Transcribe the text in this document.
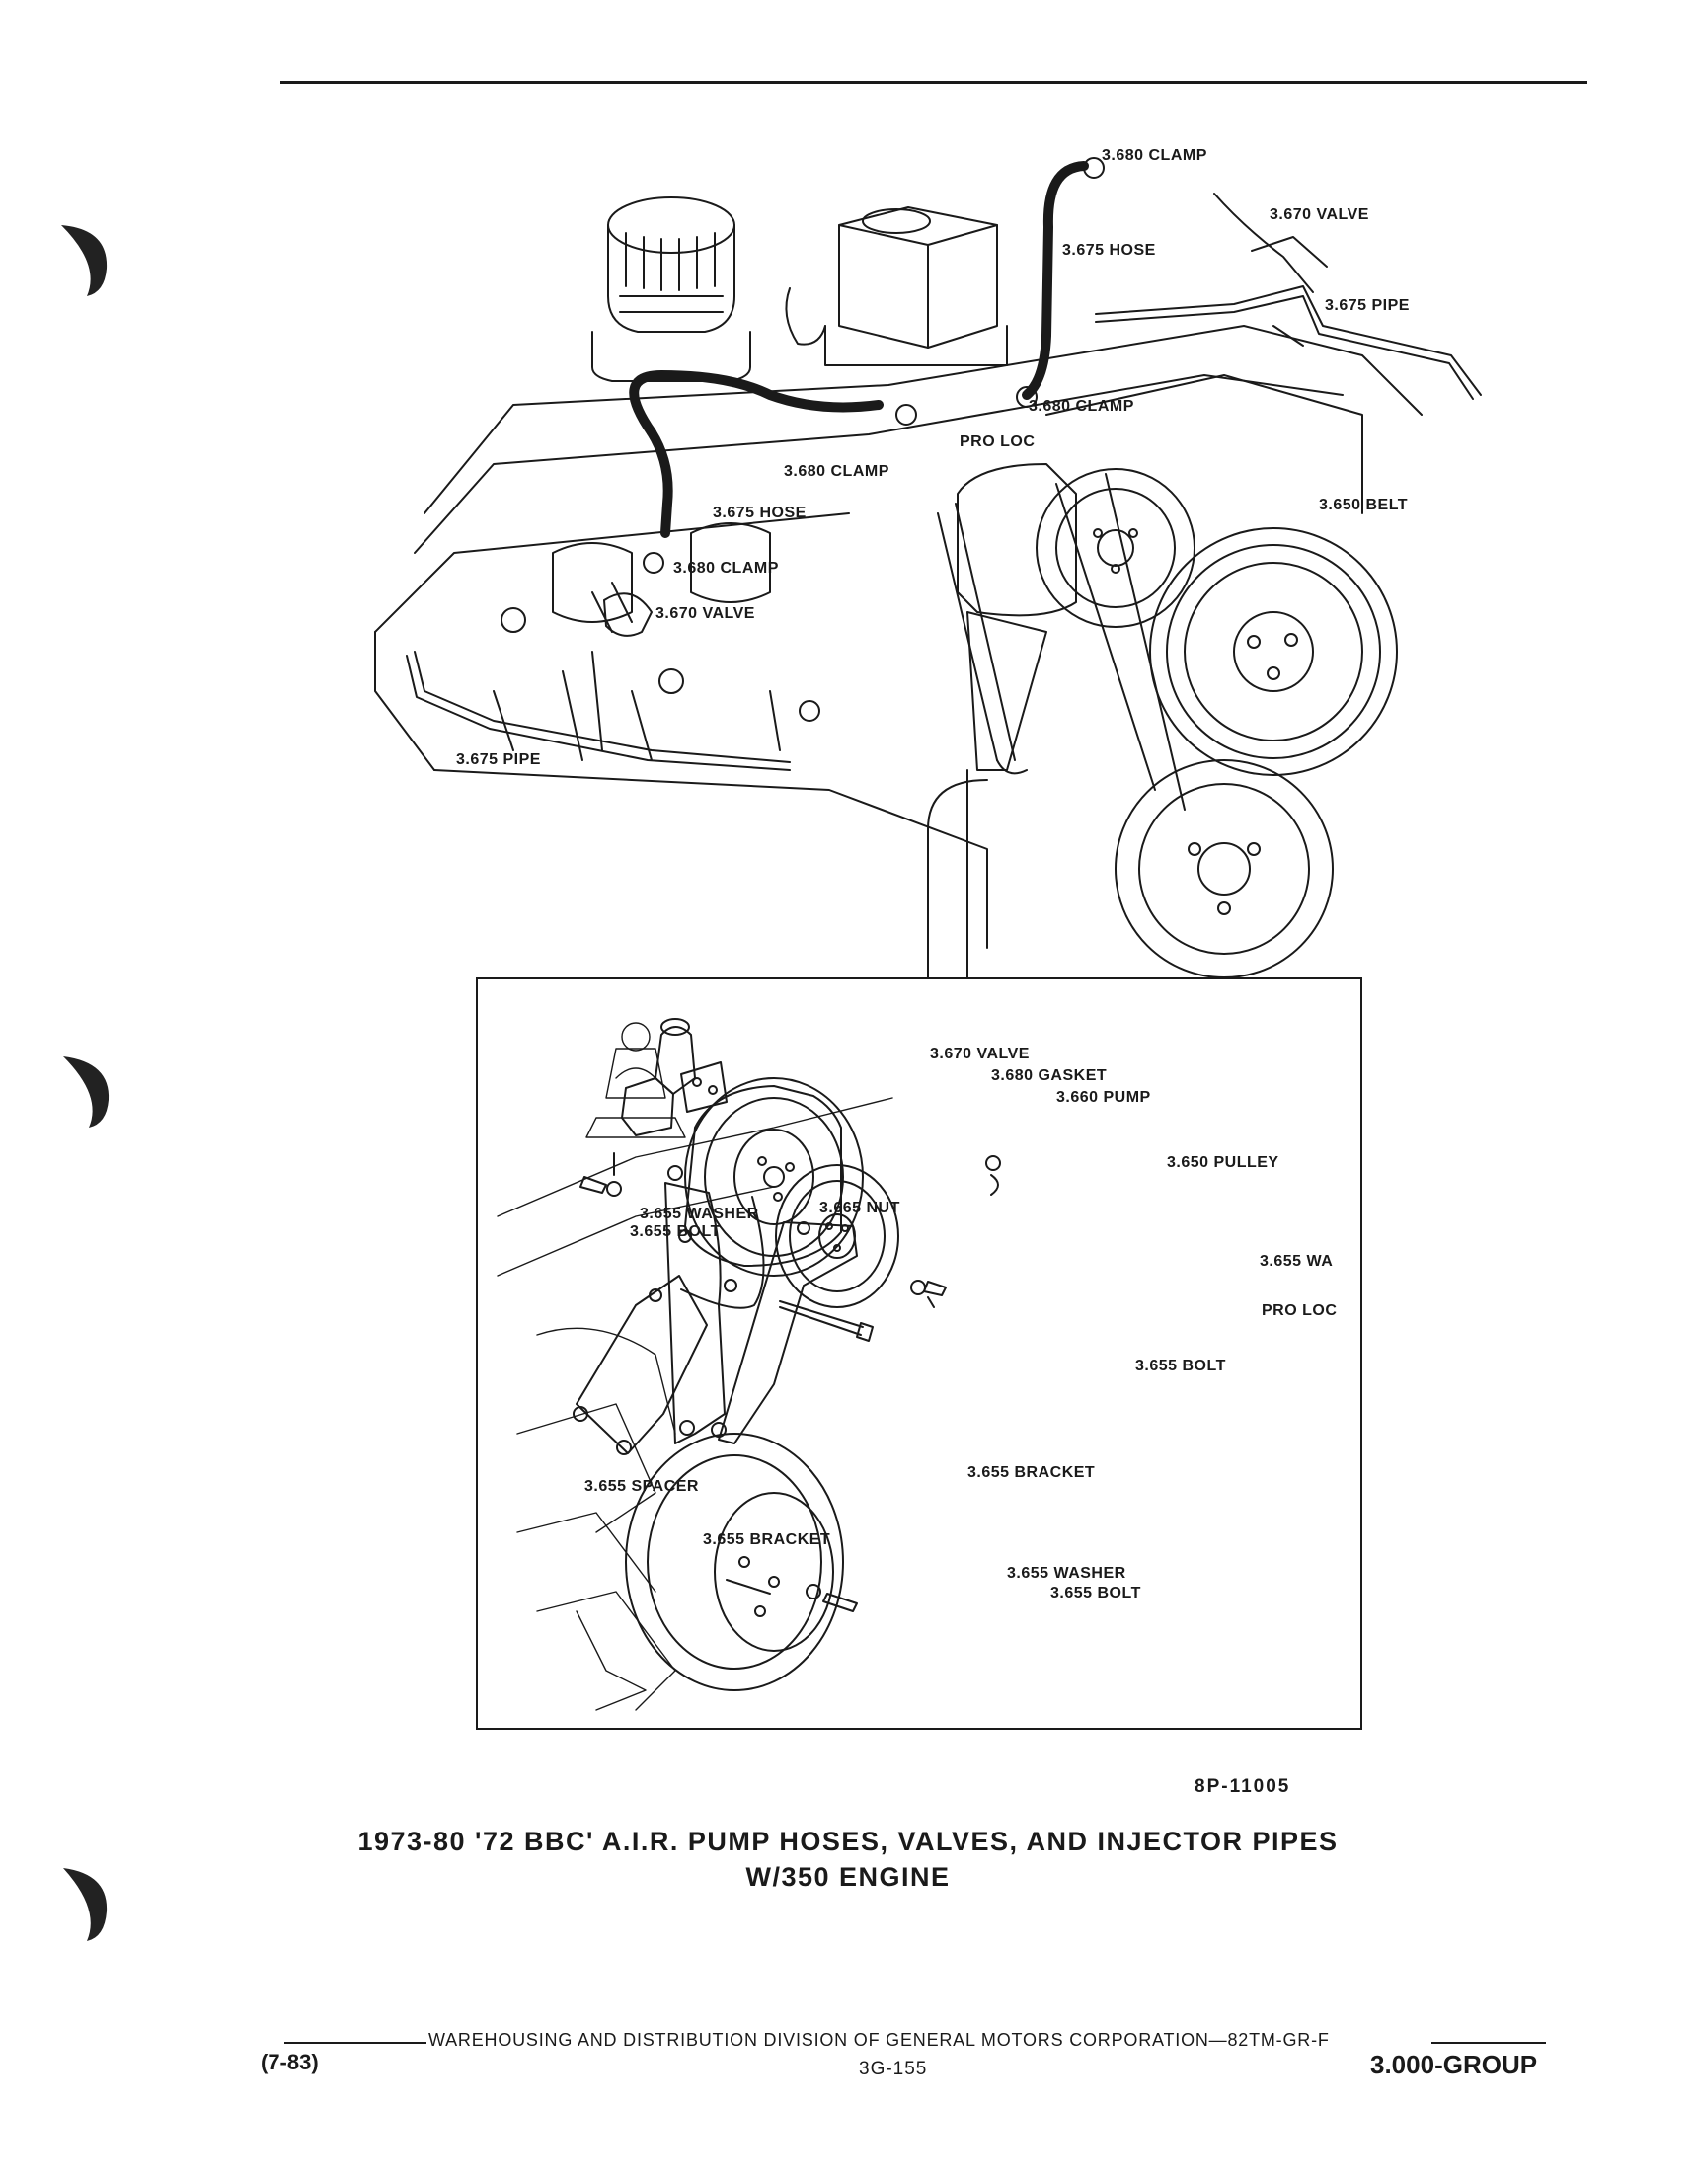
3.680 CLAMP
3.670 VALVE
3.675 HOSE
3.675 PIPE
3.680 CLAMP
PRO LOC
3.680 CLAMP
3.650 BELT
3.675 HOSE
3.680 CLAMP
3.670 VALVE
3.675 PIPE
3.670 VALVE
3.680 GASKET
3.660 PUMP
3.650 PULLEY
3.655 WASHER
3.655 BOLT
3.665 NUT
3.655 WA
PRO LOC
3.655 BOLT
3.655 BRACKET
3.655 SPACER
3.655 BRACKET
3.655 WASHER
3.655 BOLT
8P-11005
1973-80 '72 BBC' A.I.R. PUMP HOSES, VALVES, AND INJECTOR PIPES
W/350 ENGINE
WAREHOUSING AND DISTRIBUTION DIVISION OF GENERAL MOTORS CORPORATION—82TM-GR-F
(7-83)	3G-155	3.000-GROUP
